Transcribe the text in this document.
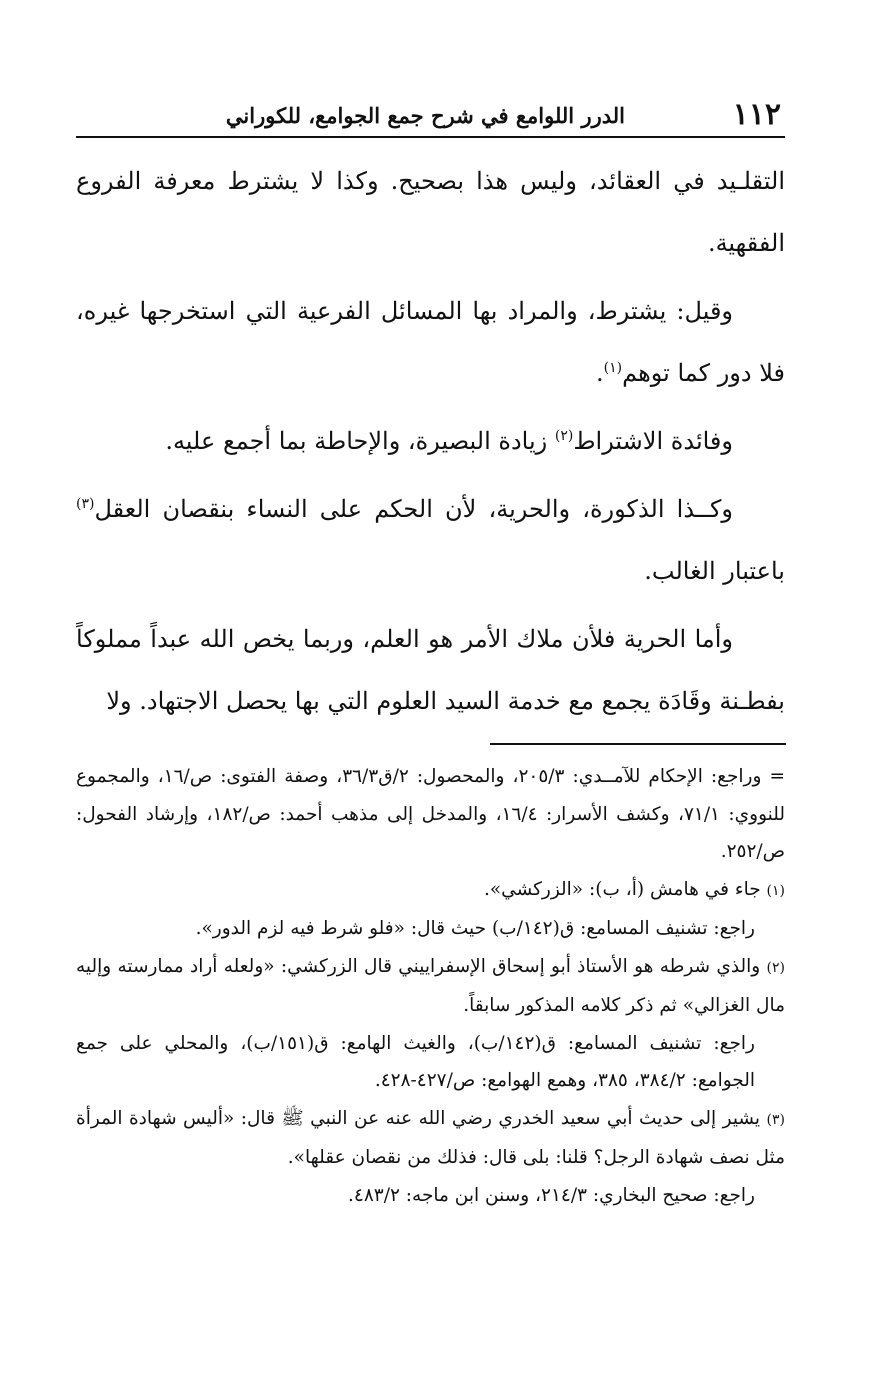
١١٢
الدرر اللوامع في شرح جمع الجوامع، للكوراني

التقلـيد في العقائد، وليس هذا بصحيح. وكذا لا يشترط معرفة الفروع الفقهية.

وقيل: يشترط، والمراد بها المسائل الفرعية التي استخرجها غيره، فلا دور كما توهم$^{(١)}$.

وفائدة الاشتراط$^{(٢)}$ زيادة البصيرة، والإحاطة بما أجمع عليه.

وكــذا الذكورة، والحرية، لأن الحكم على النساء بنقصان العقل$^{(٣)}$ باعتبار الغالب.

وأما الحرية فلأن ملاك الأمر هو العلم، وربما يخص الله عبداً مملوكاً بفطـنة وقَادَة يجمع مع خدمة السيد العلوم التي بها يحصل الاجتهاد. ولا

= وراجع: الإحكام للآمــدي: ٢٠٥/٣، والمحصول: ٢/ق٣٦/٣، وصفة الفتوى: ص/١٦، والمجموع للنووي: ٧١/١، وكشف الأسرار: ١٦/٤، والمدخل إلى مذهب أحمد: ص/١٨٢، وإرشاد الفحول: ص/٢٥٢.

(١) جاء في هامش (أ، ب): «الزركشي».

راجع: تشنيف المسامع: ق(١٤٢/ب) حيث قال: «فلو شرط فيه لزم الدور».

(٢) والذي شرطه هو الأستاذ أبو إسحاق الإسفراييني قال الزركشي: «ولعله أراد ممارسته وإليه مال الغزالي» ثم ذكر كلامه المذكور سابقاً.

راجع: تشنيف المسامع: ق(١٤٢/ب)، والغيث الهامع: ق(١٥١/ب)، والمحلي على جمع الجوامع: ٣٨٤/٢، ٣٨٥، وهمع الهوامع: ص/٤٢٧-٤٢٨.

(٣) يشير إلى حديث أبي سعيد الخدري رضي الله عنه عن النبي ﷺ قال: «أليس شهادة المرأة مثل نصف شهادة الرجل؟ قلنا: بلى قال: فذلك من نقصان عقلها».

راجع: صحيح البخاري: ٢١٤/٣، وسنن ابن ماجه: ٤٨٣/٢.
